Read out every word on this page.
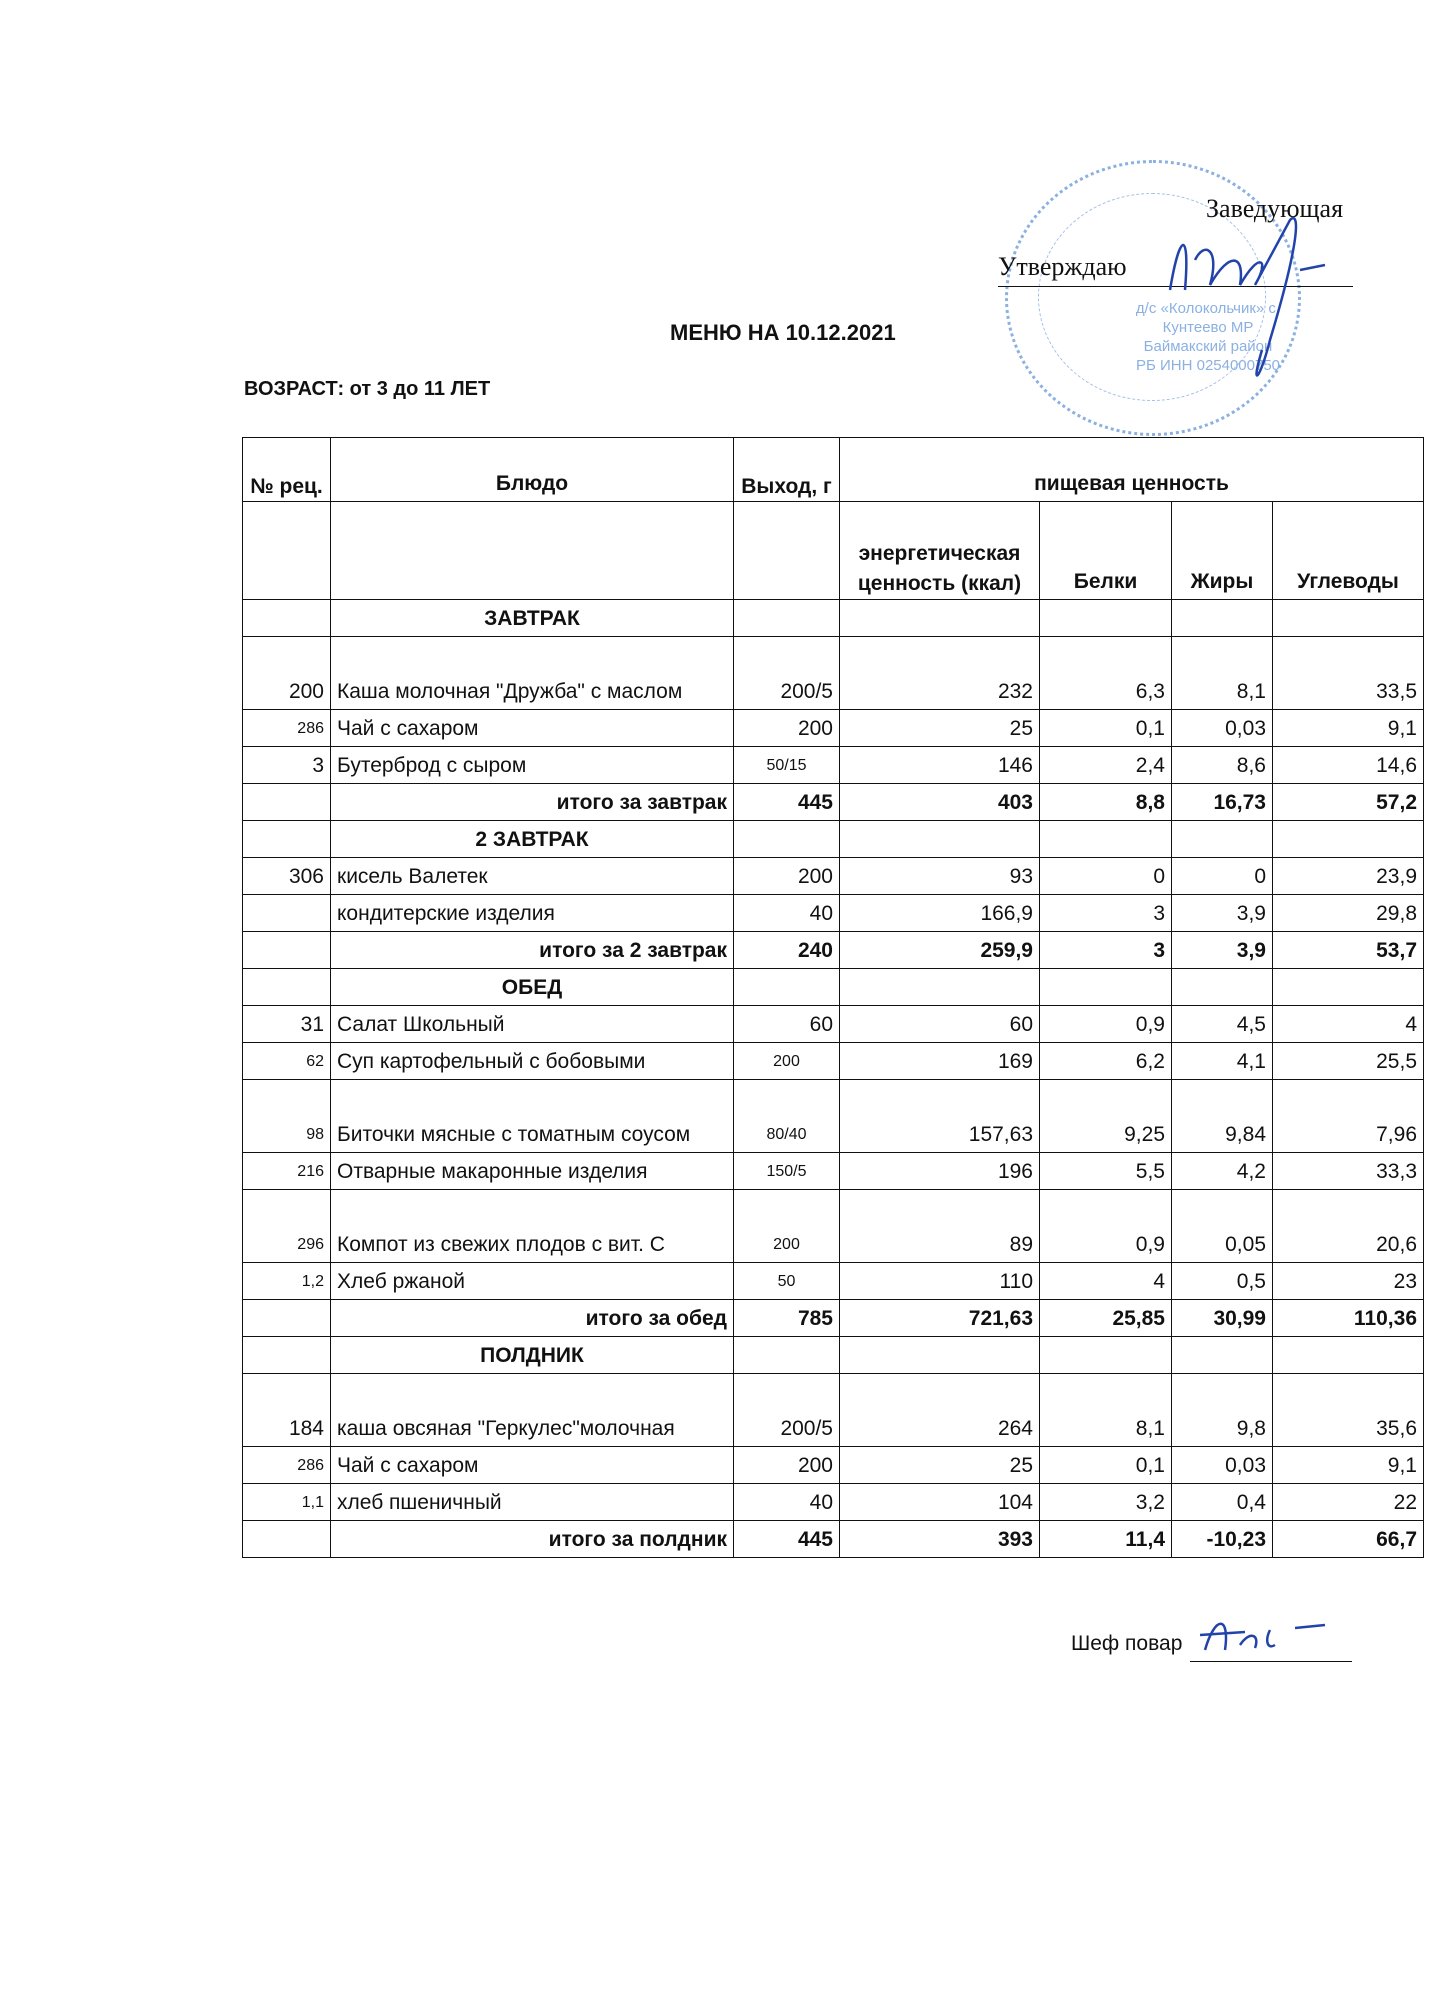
д/с «Колокольчик» с. Кунтеево МР Баймакский район РБ ИНН 0254000750
Заведующая
Утверждаю
МЕНЮ НА 10.12.2021
ВОЗРАСТ: от 3 до 11 ЛЕТ
№ рец.	Блюдо	Выход, г	пищевая ценность			
			энергетическая ценность (ккал)	Белки	Жиры	Углеводы
	ЗАВТРАК					
200	Каша молочная "Дружба" с маслом	200/5	232	6,3	8,1	33,5
286	Чай с сахаром	200	25	0,1	0,03	9,1
3	Бутерброд с сыром	50/15	146	2,4	8,6	14,6
	итого за завтрак	445	403	8,8	16,73	57,2
	2 ЗАВТРАК					
306	кисель Валетек	200	93	0	0	23,9
	кондитерские изделия	40	166,9	3	3,9	29,8
	итого за 2 завтрак	240	259,9	3	3,9	53,7
	ОБЕД					
31	Салат Школьный	60	60	0,9	4,5	4
62	Суп картофельный с бобовыми	200	169	6,2	4,1	25,5
98	Биточки мясные с томатным соусом	80/40	157,63	9,25	9,84	7,96
216	Отварные макаронные изделия	150/5	196	5,5	4,2	33,3
296	Компот из свежих плодов с вит. С	200	89	0,9	0,05	20,6
1,2	Хлеб ржаной	50	110	4	0,5	23
	итого за обед	785	721,63	25,85	30,99	110,36
	ПОЛДНИК					
184	каша овсяная "Геркулес"молочная	200/5	264	8,1	9,8	35,6
286	Чай с сахаром	200	25	0,1	0,03	9,1
1,1	хлеб пшеничный	40	104	3,2	0,4	22
	итого за полдник	445	393	11,4	-10,23	66,7
Шеф повар
